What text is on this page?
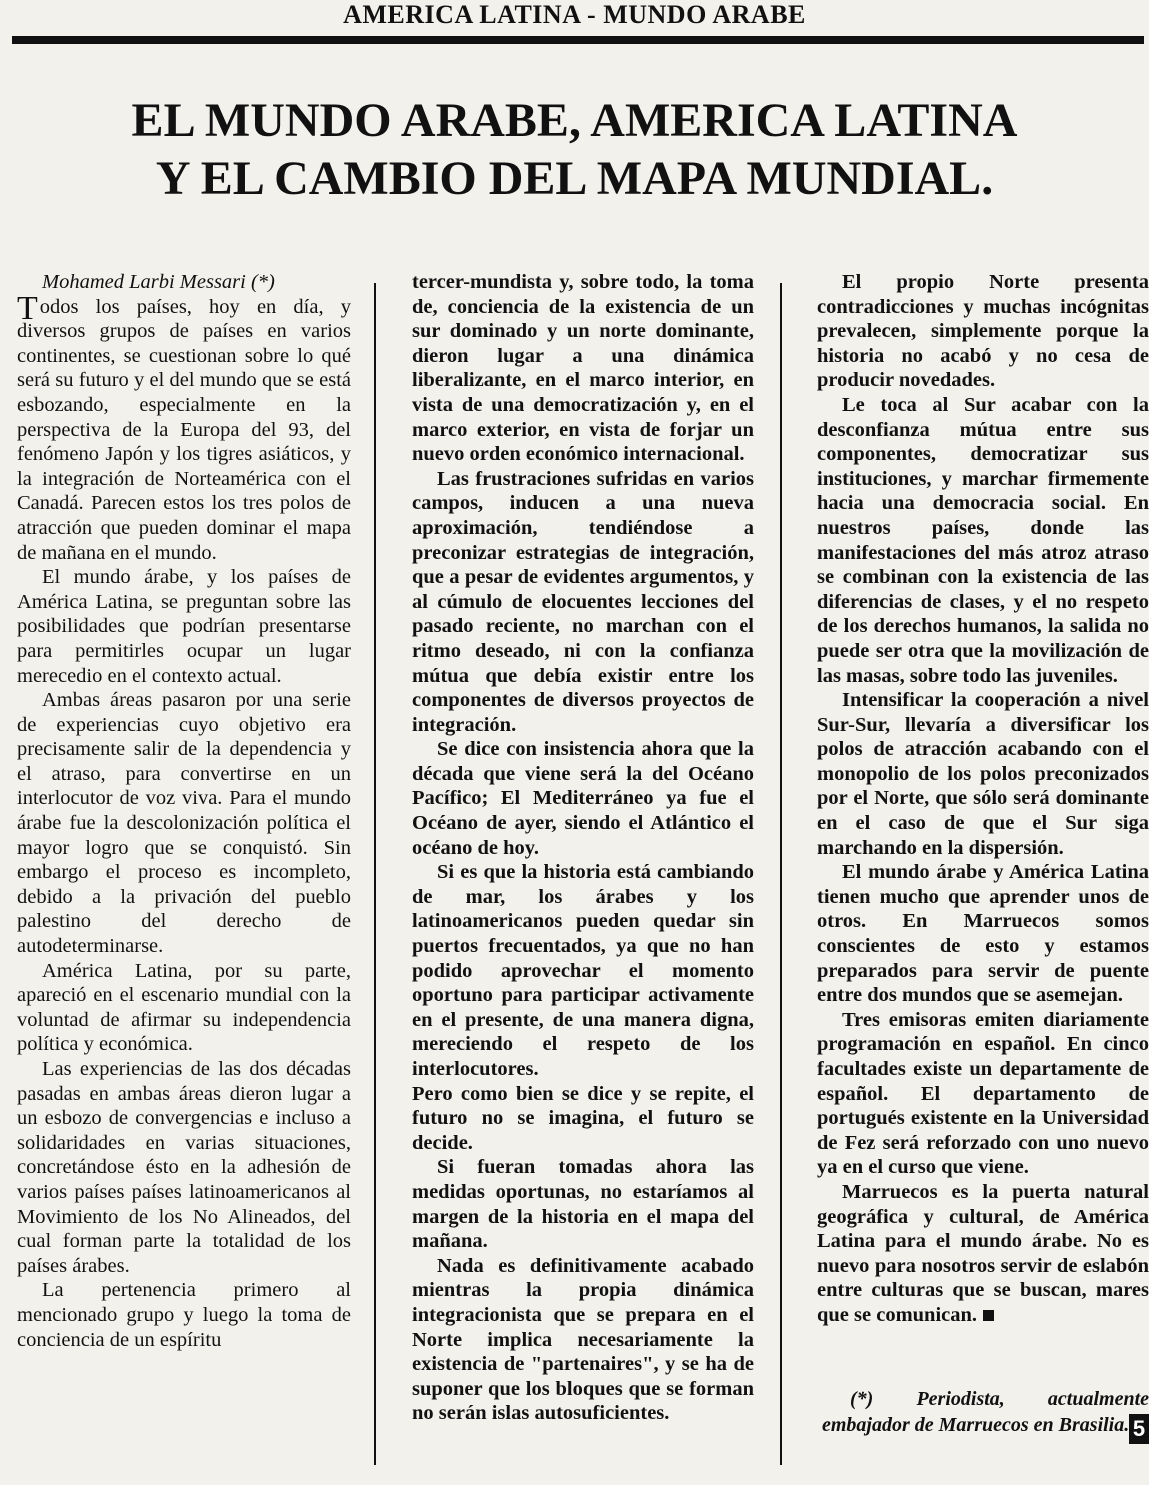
AMERICA LATINA - MUNDO ARABE
EL MUNDO ARABE, AMERICA LATINA
Y EL CAMBIO DEL MAPA MUNDIAL.

Mohamed Larbi Messari (*)

Todos los países, hoy en día, y diversos grupos de países en varios continentes, se cuestionan sobre lo qué será su futuro y el del mundo que se está esbozando, especialmente en la perspectiva de la Europa del 93, del fenómeno Japón y los tigres asiáticos, y la integración de Norteamérica con el Canadá. Parecen estos los tres polos de atracción que pueden dominar el mapa de mañana en el mundo.

El mundo árabe, y los países de América Latina, se preguntan sobre las posibilidades que podrían presentarse para permitirles ocupar un lugar merecedio en el contexto actual.

Ambas áreas pasaron por una serie de experiencias cuyo objetivo era precisamente salir de la dependencia y el atraso, para convertirse en un interlocutor de voz viva. Para el mundo árabe fue la descolonización política el mayor logro que se conquistó. Sin embargo el proceso es incompleto, debido a la privación del pueblo palestino del derecho de autodeterminarse.

América Latina, por su parte, apareció en el escenario mundial con la voluntad de afirmar su independencia política y económica.

Las experiencias de las dos décadas pasadas en ambas áreas dieron lugar a un esbozo de convergencias e incluso a solidaridades en varias situaciones, concretándose ésto en la adhesión de varios países países latinoamericanos al Movimiento de los No Alineados, del cual forman parte la totalidad de los países árabes.

La pertenencia primero al mencionado grupo y luego la toma de conciencia de un espíritu

tercer-mundista y, sobre todo, la toma de, conciencia de la existencia de un sur dominado y un norte dominante, dieron lugar a una dinámica liberalizante, en el marco interior, en vista de una democratización y, en el marco exterior, en vista de forjar un nuevo orden económico internacional.

Las frustraciones sufridas en varios campos, inducen a una nueva aproximación, tendiéndose a preconizar estrategias de integración, que a pesar de evidentes argumentos, y al cúmulo de elocuentes lecciones del pasado reciente, no marchan con el ritmo deseado, ni con la confianza mútua que debía existir entre los componentes de diversos proyectos de integración.

Se dice con insistencia ahora que la década que viene será la del Océano Pacífico; El Mediterráneo ya fue el Océano de ayer, siendo el Atlántico el océano de hoy.

Si es que la historia está cambiando de mar, los árabes y los latinoamericanos pueden quedar sin puertos frecuentados, ya que no han podido aprovechar el momento oportuno para participar activamente en el presente, de una manera digna, mereciendo el respeto de los interlocutores.

Pero como bien se dice y se repite, el futuro no se imagina, el futuro se decide.

Si fueran tomadas ahora las medidas oportunas, no estaríamos al margen de la historia en el mapa del mañana.

Nada es definitivamente acabado mientras la propia dinámica integracionista que se prepara en el Norte implica necesariamente la existencia de "partenaires", y se ha de suponer que los bloques que se forman no serán islas autosuficientes.

El propio Norte presenta contradicciones y muchas incógnitas prevalecen, simplemente porque la historia no acabó y no cesa de producir novedades.

Le toca al Sur acabar con la desconfianza mútua entre sus componentes, democratizar sus instituciones, y marchar firmemente hacia una democracia social. En nuestros países, donde las manifestaciones del más atroz atraso se combinan con la existencia de las diferencias de clases, y el no respeto de los derechos humanos, la salida no puede ser otra que la movilización de las masas, sobre todo las juveniles.

Intensificar la cooperación a nivel Sur-Sur, llevaría a diversificar los polos de atracción acabando con el monopolio de los polos preconizados por el Norte, que sólo será dominante en el caso de que el Sur siga marchando en la dispersión.

El mundo árabe y América Latina tienen mucho que aprender unos de otros. En Marruecos somos conscientes de esto y estamos preparados para servir de puente entre dos mundos que se asemejan.

Tres emisoras emiten diariamente programación en español. En cinco facultades existe un departamente de español. El departamento de portugués existente en la Universidad de Fez será reforzado con uno nuevo ya en el curso que viene.

Marruecos es la puerta natural geográfica y cultural, de América Latina para el mundo árabe. No es nuevo para nosotros servir de eslabón entre culturas que se buscan, mares que se comunican.

(*) Periodista, actualmente embajador de Marruecos en Brasilia. 5
